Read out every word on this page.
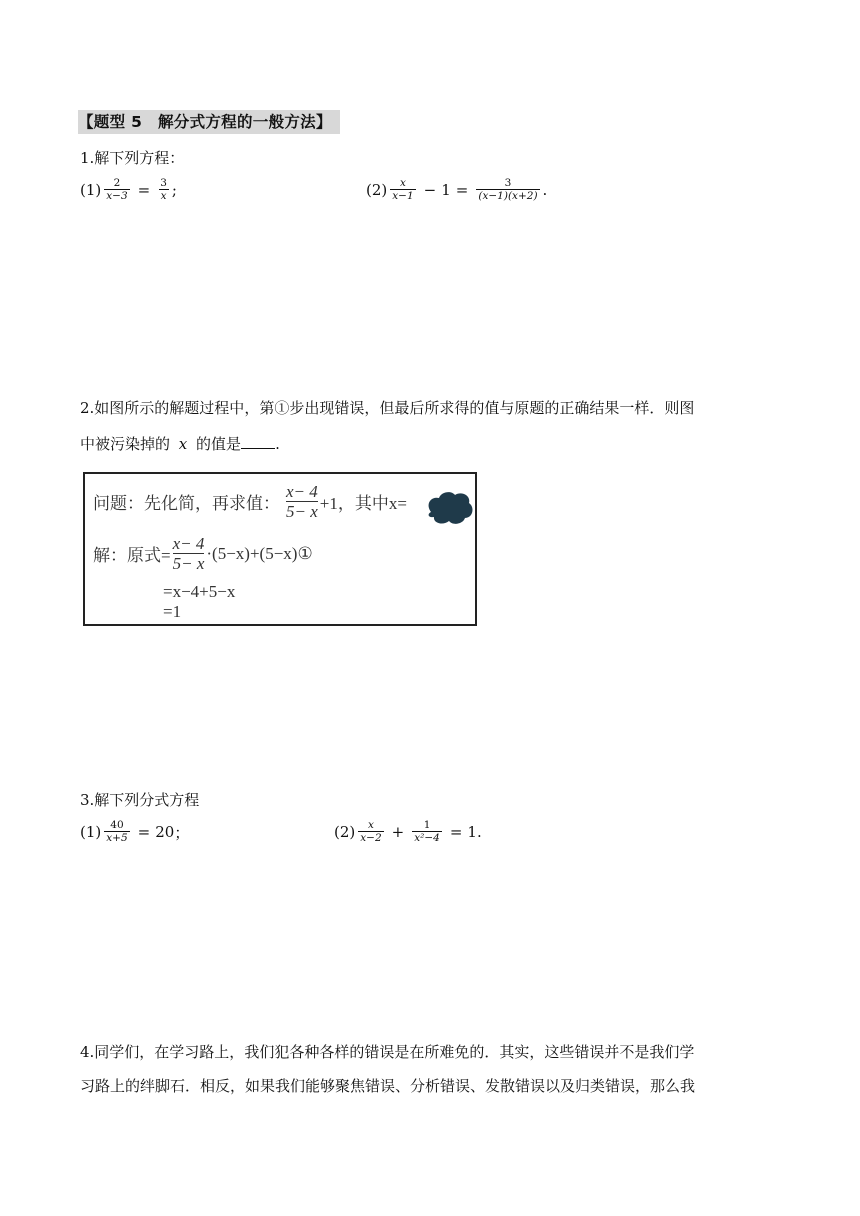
【题型 5　解分式方程的一般方法】
1.解下列方程：
$(1) \frac{2}{x-3} = \frac{3}{x}$ ;	$(2) \frac{x}{x-1} - 1 = \frac{3}{(x-1)(x+2)}$ .
2.如图所示的解题过程中，第①步出现错误，但最后所求得的值与原题的正确结果一样．则图
中被污染掉的 x 的值是 .
问题：先化简，再求值： $\frac{x- 4}{5- x} +1$，其中x=
解：原式= $\frac{x- 4}{5- x}$ ·(5−x)+(5−x)①
=x−4+5−x
=1
3.解下列分式方程
$(1) \frac{40}{x+5} = 20$ ；	$(2) \frac{x}{x-2} + \frac{1}{\text{x²−4}} = 1$ .
4.同学们，在学习路上，我们犯各种各样的错误是在所难免的．其实，这些错误并不是我们学
习路上的绊脚石．相反，如果我们能够聚焦错误、分析错误、发散错误以及归类错误，那么我
